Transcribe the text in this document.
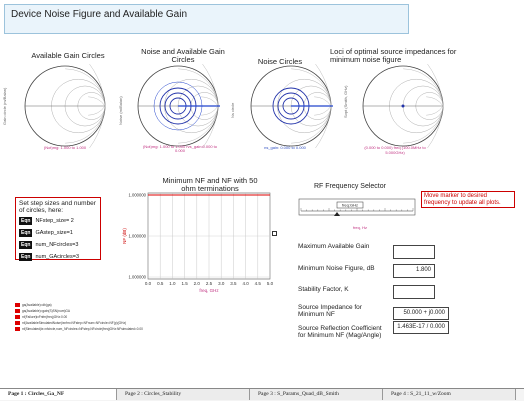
Device Noise Figure and Available Gain
Available Gain Circles	Noise and Available Gain Circles	Noise Circles
Loci of optimal source impedances for minimum noise figure
Gain circle (m/Balan)	Noise (m/Balan)	Ns circle	Sopt (Smith, GHz)
(Not)mg: 1.000 to 1.000	(Not)mg: 1.000 to 1.000 rvs_gain:0.000 to 0.000
ns_gain: 0.000 to 0.000	(0.000 to 0.000) freq (100.0MHz to 5.000GHz)
Set step sizes and number of circles, here:
Eqn NFstep_size= 2
Eqn GAstep_size=1
Eqn num_NFcircles=3
Eqn num_GAcircles=3
Minimum NF and NF with 50 ohm terminations
0.0 0.5 1.0 1.5 2.0 2.5 3.0 3.5 4.0 4.5 5.0
1.000000
1.000000
1.000000
freq, GHz
NF (dB)
RF Frequency Selector
freq:GHz
freq, Hz
Move marker to desired frequency to update all plots.
Maximum Available Gain
Minimum Noise Figure, dB	1.800
Stability Factor, K
Source Impedance for Minimum NF	50.000 + j0.000
Source Reflection Coefficient for Minimum NF (Mag/Angle)
1.463E-17 / 0.000
ga(Available)=db(ga)
ga(Available)=gain(S)SN(num)GA
nf(Failure)ixFnfm(freq)GHz:0.00
nf(AvailableSimulatedNoise)ixnfm=NFstep=NFnum=NFcircle=NF(p)(GHz)
nf(Simulated)ix=nfcircle,num_NFcircles=NFstep,NFcircle(freq)GHz:NFsimulated=0.00
Page 1 : Circles_Ga_NF	Page 2 : Circles_Stability	Page 3 : S_Params_Quad_dB_Smith	Page 4 : S_21_11_w/Zoom
